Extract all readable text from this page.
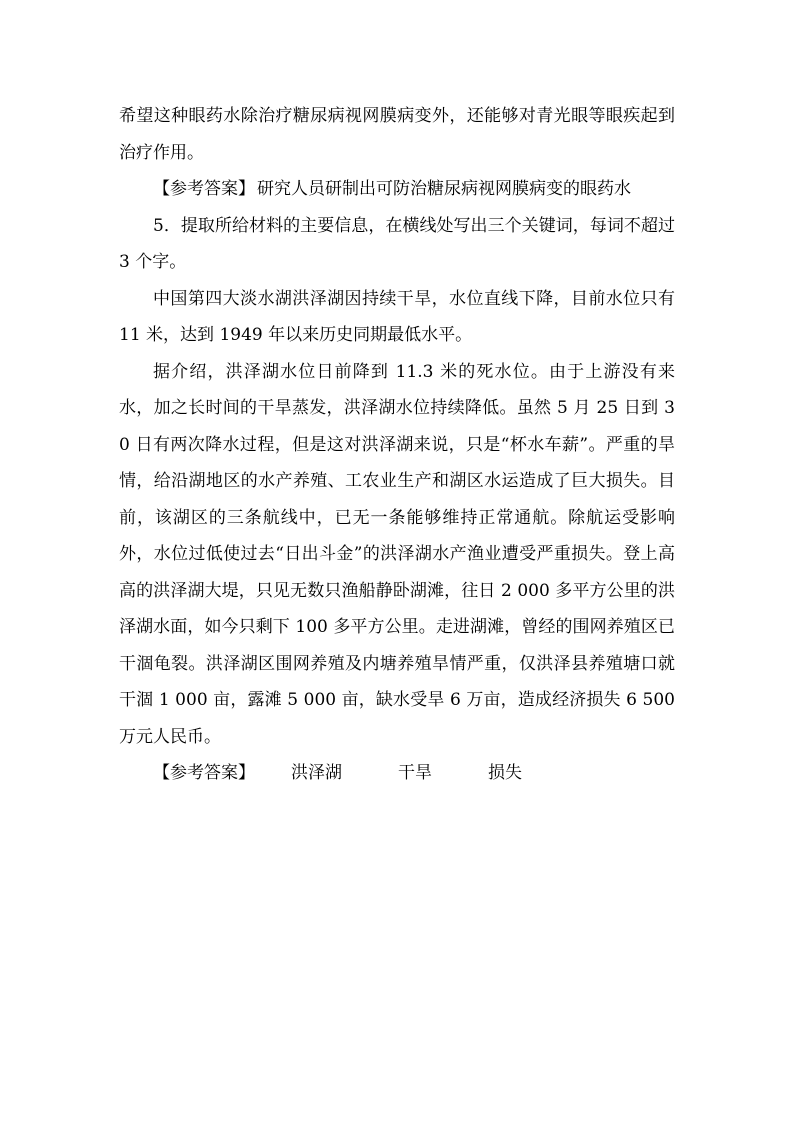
希望这种眼药水除治疗糖尿病视网膜病变外，还能够对青光眼等眼疾起到治疗作用。

【参考答案】 研究人员研制出可防治糖尿病视网膜病变的眼药水

5．提取所给材料的主要信息，在横线处写出三个关键词，每词不超过 3 个字。

中国第四大淡水湖洪泽湖因持续干旱，水位直线下降，目前水位只有 11 米，达到 1949 年以来历史同期最低水平。

据介绍，洪泽湖水位日前降到 11.3 米的死水位。由于上游没有来水，加之长时间的干旱蒸发，洪泽湖水位持续降低。虽然 5 月 25 日到 30 日有两次降水过程，但是这对洪泽湖来说，只是“杯水车薪”。严重的旱情，给沿湖地区的水产养殖、工农业生产和湖区水运造成了巨大损失。目前，该湖区的三条航线中，已无一条能够维持正常通航。除航运受影响外，水位过低使过去“日出斗金”的洪泽湖水产渔业遭受严重损失。登上高高的洪泽湖大堤，只见无数只渔船静卧湖滩，往日 2 000 多平方公里的洪泽湖水面，如今只剩下 100 多平方公里。走进湖滩，曾经的围网养殖区已干涸龟裂。洪泽湖区围网养殖及内塘养殖旱情严重，仅洪泽县养殖塘口就干涸 1 000 亩，露滩 5 000 亩，缺水受旱 6 万亩，造成经济损失 6 500 万元人民币。

【参考答案】 洪泽湖	干旱	损失
